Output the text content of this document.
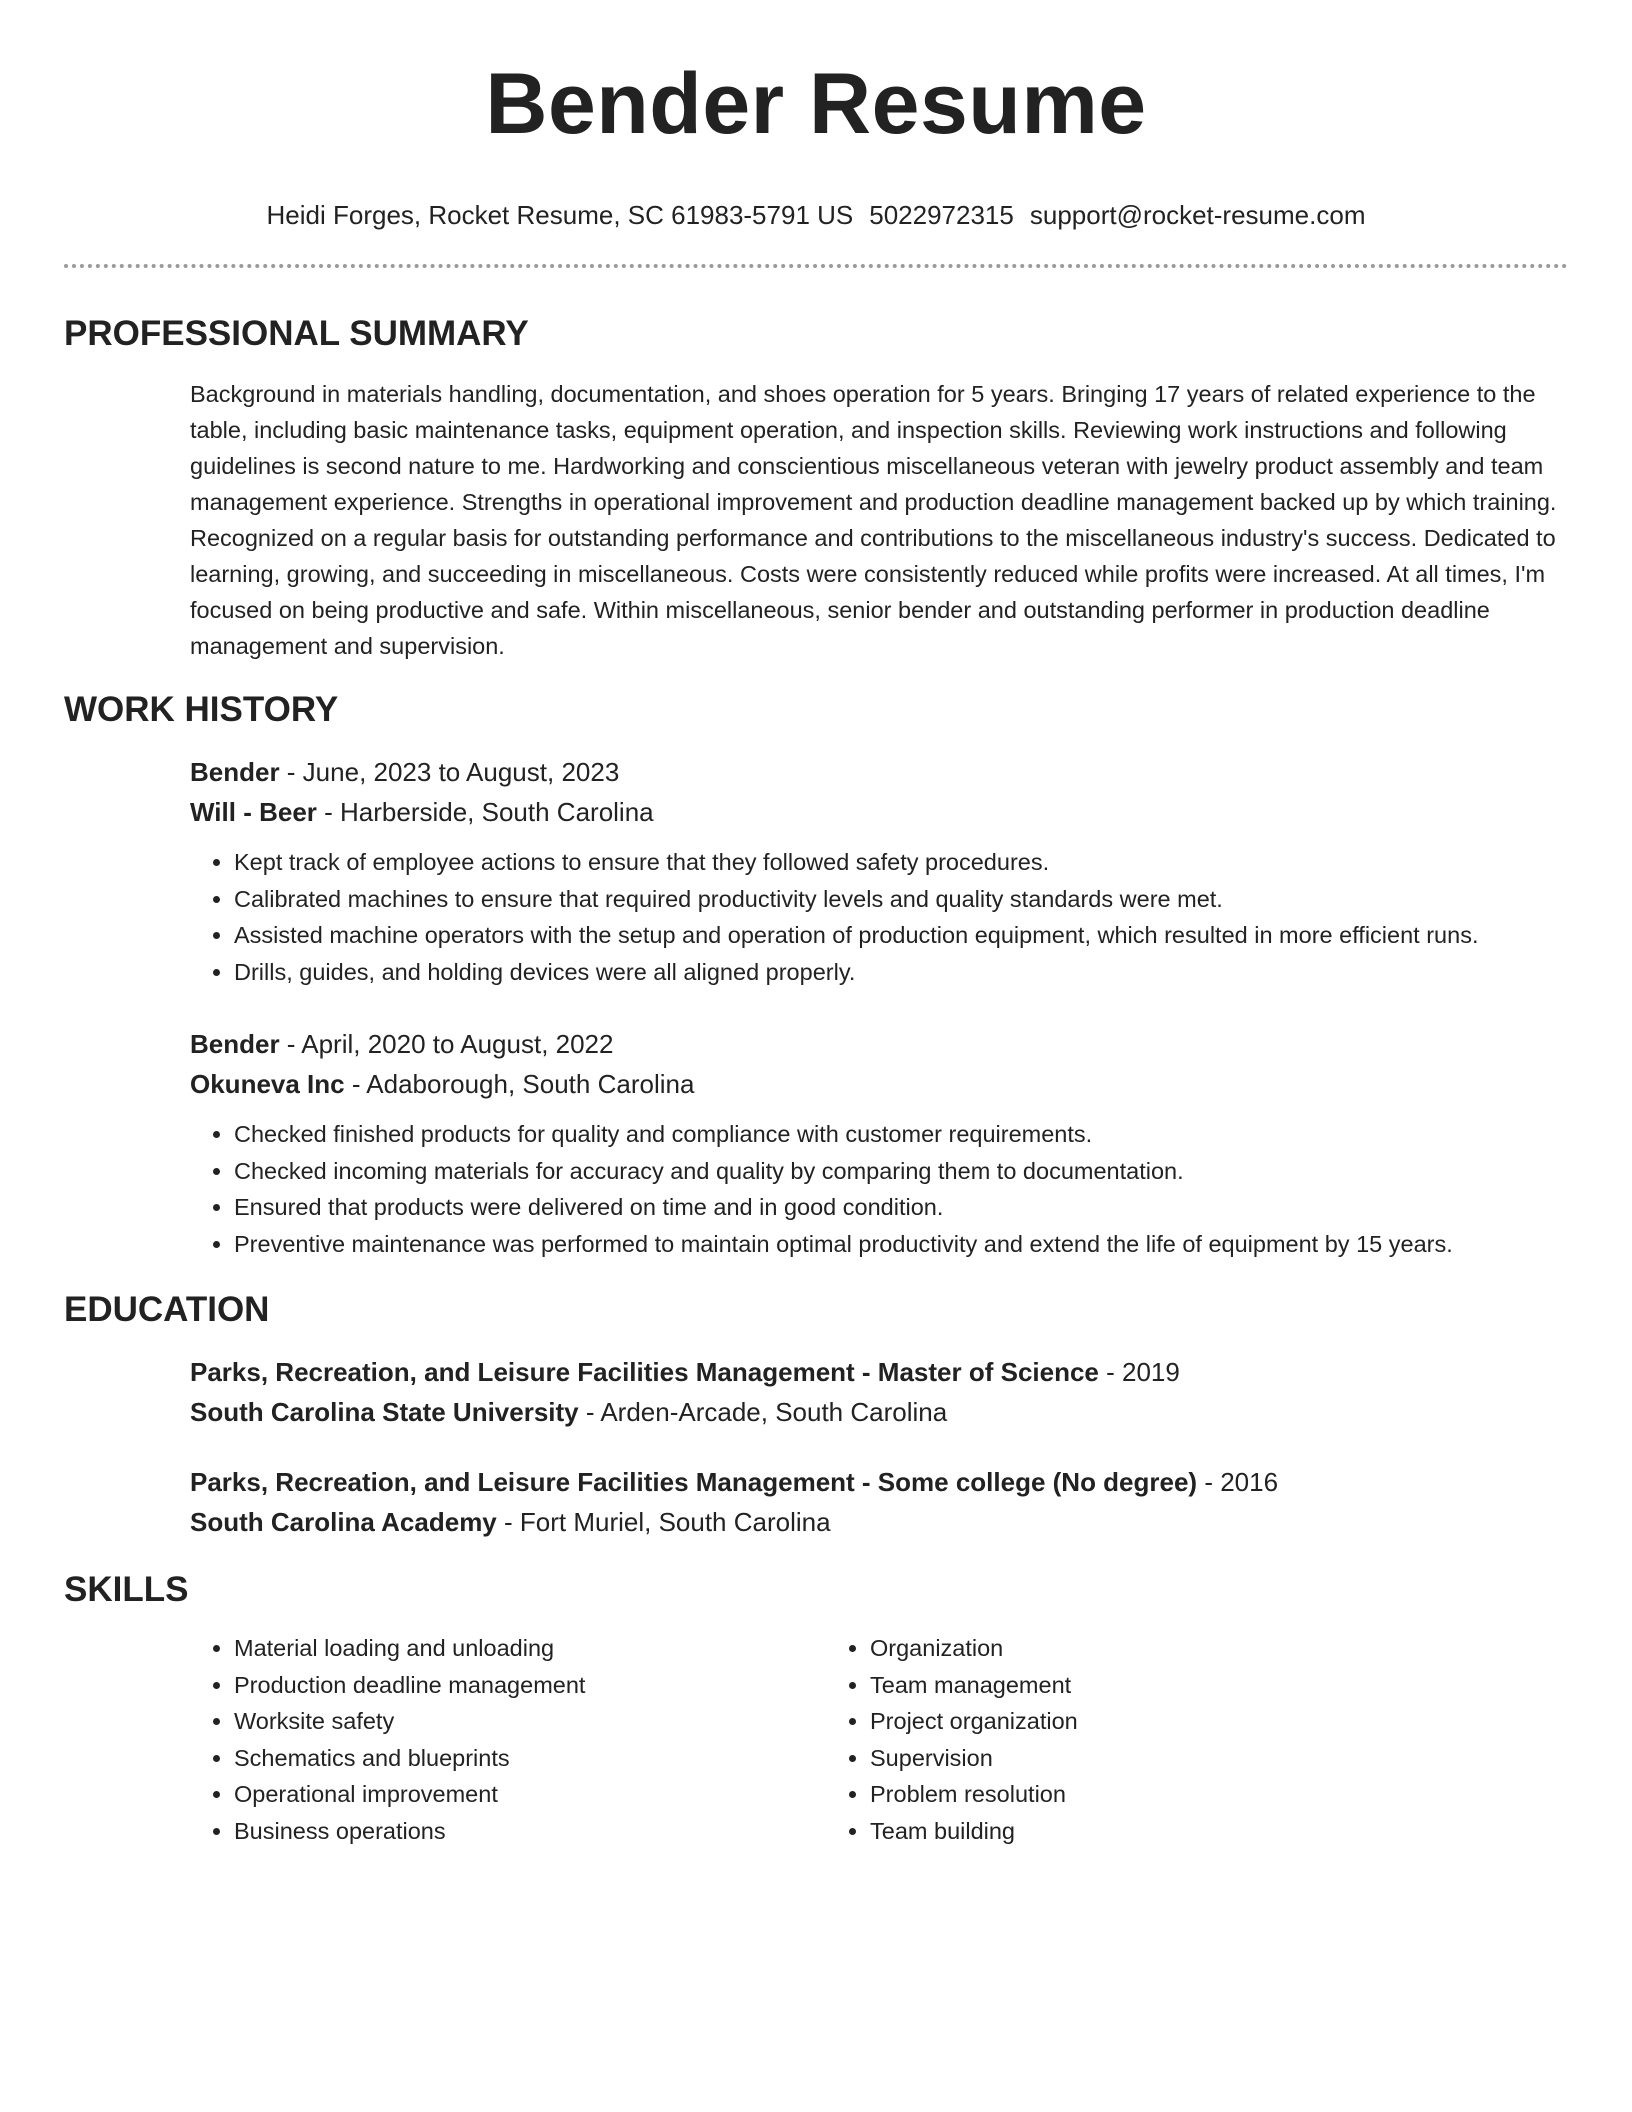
Bender Resume
Heidi Forges, Rocket Resume, SC 61983-5791 US 5022972315 support@rocket-resume.com
PROFESSIONAL SUMMARY

Background in materials handling, documentation, and shoes operation for 5 years. Bringing 17 years of related experience to the table, including basic maintenance tasks, equipment operation, and inspection skills. Reviewing work instructions and following guidelines is second nature to me. Hardworking and conscientious miscellaneous veteran with jewelry product assembly and team management experience. Strengths in operational improvement and production deadline management backed up by which training. Recognized on a regular basis for outstanding performance and contributions to the miscellaneous industry's success. Dedicated to learning, growing, and succeeding in miscellaneous. Costs were consistently reduced while profits were increased. At all times, I'm focused on being productive and safe. Within miscellaneous, senior bender and outstanding performer in production deadline management and supervision.

WORK HISTORY
Bender - June, 2023 to August, 2023
Will - Beer - Harberside, South Carolina
• Kept track of employee actions to ensure that they followed safety procedures.
• Calibrated machines to ensure that required productivity levels and quality standards were met.
• Assisted machine operators with the setup and operation of production equipment, which resulted in more efficient runs.
• Drills, guides, and holding devices were all aligned properly.
Bender - April, 2020 to August, 2022
Okuneva Inc - Adaborough, South Carolina
• Checked finished products for quality and compliance with customer requirements.
• Checked incoming materials for accuracy and quality by comparing them to documentation.
• Ensured that products were delivered on time and in good condition.
• Preventive maintenance was performed to maintain optimal productivity and extend the life of equipment by 15 years.
EDUCATION
Parks, Recreation, and Leisure Facilities Management - Master of Science - 2019
South Carolina State University - Arden-Arcade, South Carolina
Parks, Recreation, and Leisure Facilities Management - Some college (No degree) - 2016
South Carolina Academy - Fort Muriel, South Carolina
SKILLS
• Material loading and unloading
• Production deadline management
• Worksite safety
• Schematics and blueprints
• Operational improvement
• Business operations
• Organization
• Team management
• Project organization
• Supervision
• Problem resolution
• Team building
